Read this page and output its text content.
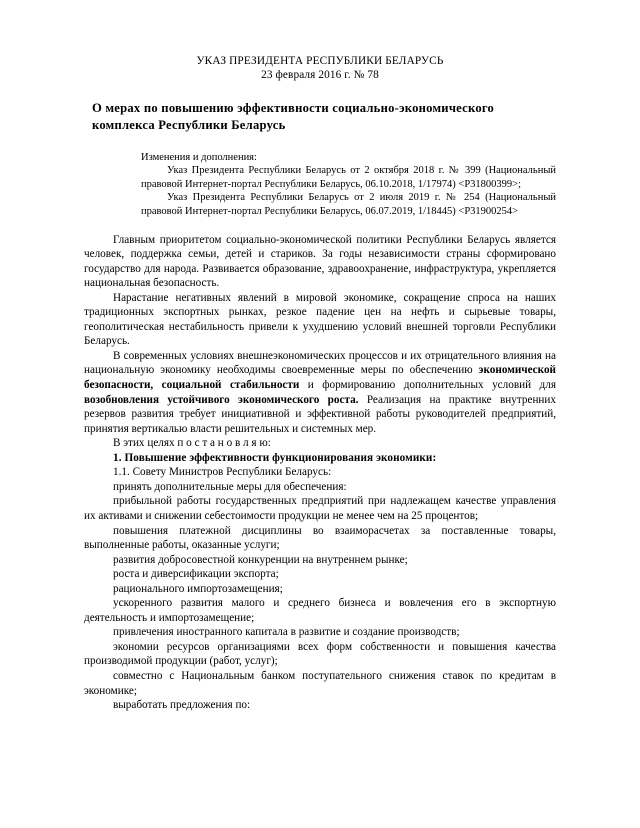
УКАЗ ПРЕЗИДЕНТА РЕСПУБЛИКИ БЕЛАРУСЬ
23 февраля 2016 г. № 78
О мерах по повышению эффективности социально-экономического комплекса Республики Беларусь

Изменения и дополнения:

Указ Президента Республики Беларусь от 2 октября 2018 г. № 399 (Национальный правовой Интернет-портал Республики Беларусь, 06.10.2018, 1/17974) <P31800399>;

Указ Президента Республики Беларусь от 2 июля 2019 г. № 254 (Национальный правовой Интернет-портал Республики Беларусь, 06.07.2019, 1/18445) <P31900254>

Главным приоритетом социально-экономической политики Республики Беларусь является человек, поддержка семьи, детей и стариков. За годы независимости страны сформировано государство для народа. Развивается образование, здравоохранение, инфраструктура, укрепляется национальная безопасность.

Нарастание негативных явлений в мировой экономике, сокращение спроса на наших традиционных экспортных рынках, резкое падение цен на нефть и сырьевые товары, геополитическая нестабильность привели к ухудшению условий внешней торговли Республики Беларусь.

В современных условиях внешнеэкономических процессов и их отрицательного влияния на национальную экономику необходимы своевременные меры по обеспечению экономической безопасности, социальной стабильности и формированию дополнительных условий для возобновления устойчивого экономического роста. Реализация на практике внутренних резервов развития требует инициативной и эффективной работы руководителей предприятий, принятия вертикалью власти решительных и системных мер.

В этих целях п о с т а н о в л я ю:

1. Повышение эффективности функционирования экономики:

1.1. Совету Министров Республики Беларусь:

принять дополнительные меры для обеспечения:

прибыльной работы государственных предприятий при надлежащем качестве управления их активами и снижении себестоимости продукции не менее чем на 25 процентов;

повышения платежной дисциплины во взаиморасчетах за поставленные товары, выполненные работы, оказанные услуги;

развития добросовестной конкуренции на внутреннем рынке;

роста и диверсификации экспорта;

рационального импортозамещения;

ускоренного развития малого и среднего бизнеса и вовлечения его в экспортную деятельность и импортозамещение;

привлечения иностранного капитала в развитие и создание производств;

экономии ресурсов организациями всех форм собственности и повышения качества производимой продукции (работ, услуг);

совместно с Национальным банком поступательного снижения ставок по кредитам в экономике;

выработать предложения по:
